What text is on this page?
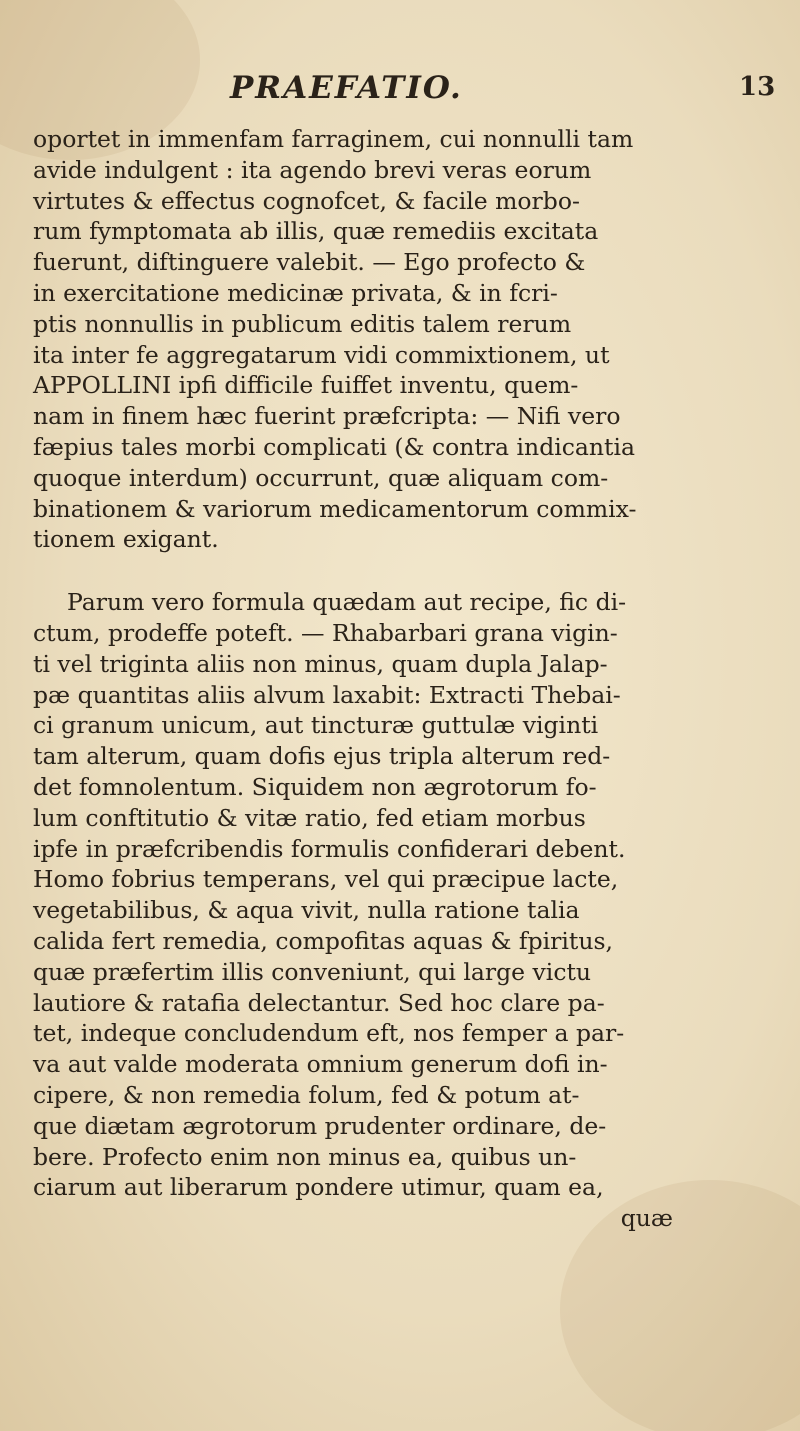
PRAEFATIO.	13
oportet in immenfam farraginem, cui nonnulli tam
avide indulgent : ita agendo brevi veras eorum
virtutes & effectus cognofcet, & facile morbo-
rum fymptomata ab illis, quæ remediis excitata
fuerunt, diftinguere valebit. — Ego profecto &
in exercitatione medicinæ privata, & in fcri-
ptis nonnullis in publicum editis talem rerum
ita inter fe aggregatarum vidi commixtionem, ut
APPOLLINI ipfi difficile fuiffet inventu, quem-
nam in finem hæc fuerint præfcripta: — Nifi vero
fæpius tales morbi complicati (& contra indicantia
quoque interdum) occurrunt, quæ aliquam com-
binationem & variorum medicamentorum commix-
tionem exigant.
Parum vero formula quædam aut recipe, fic di-
ctum, prodeffe poteft. — Rhabarbari grana vigin-
ti vel triginta aliis non minus, quam dupla Jalap-
pæ quantitas aliis alvum laxabit: Extracti Thebai-
ci granum unicum, aut tincturæ guttulæ viginti
tam alterum, quam dofis ejus tripla alterum red-
det fomnolentum. Siquidem non ægrotorum fo-
lum conftitutio & vitæ ratio, fed etiam morbus
ipfe in præfcribendis formulis confiderari debent.
Homo fobrius temperans, vel qui præcipue lacte,
vegetabilibus, & aqua vivit, nulla ratione talia
calida fert remedia, compofitas aquas & fpiritus,
quæ præfertim illis conveniunt, qui large victu
lautiore & ratafia delectantur. Sed hoc clare pa-
tet, indeque concludendum eft, nos femper a par-
va aut valde moderata omnium generum dofi in-
cipere, & non remedia folum, fed & potum at-
que diætam ægrotorum prudenter ordinare, de-
bere. Profecto enim non minus ea, quibus un-
ciarum aut liberarum pondere utimur, quam ea,
quæ
